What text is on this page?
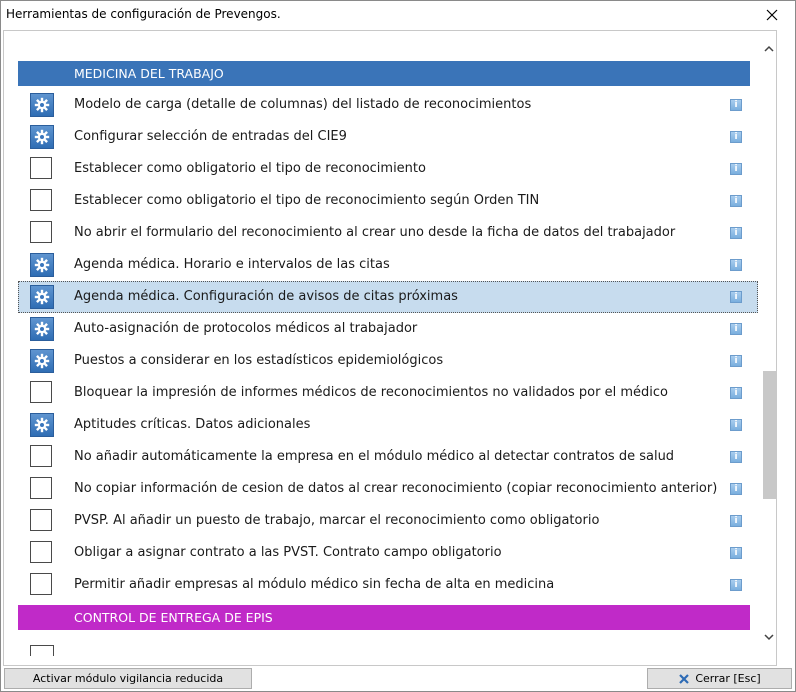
Herramientas de configuración de Prevengos.
MEDICINA DEL TRABAJO
Modelo de carga (detalle de columnas) del listado de reconocimientos	i
Configurar selección de entradas del CIE9	i
Establecer como obligatorio el tipo de reconocimiento	i
Establecer como obligatorio el tipo de reconocimiento según Orden TIN	i
No abrir el formulario del reconocimiento al crear uno desde la ficha de datos del trabajador	i
Agenda médica. Horario e intervalos de las citas	i
Agenda médica. Configuración de avisos de citas próximas	i
Auto-asignación de protocolos médicos al trabajador	i
Puestos a considerar en los estadísticos epidemiológicos	i
Bloquear la impresión de informes médicos de reconocimientos no validados por el médico	i
Aptitudes críticas. Datos adicionales	i
No añadir automáticamente la empresa en el módulo médico al detectar contratos de salud	i
No copiar información de cesion de datos al crear reconocimiento (copiar reconocimiento anterior)	i
PVSP. Al añadir un puesto de trabajo, marcar el reconocimiento como obligatorio	i
Obligar a asignar contrato a las PVST. Contrato campo obligatorio	i
Permitir añadir empresas al módulo médico sin fecha de alta en medicina	i
CONTROL DE ENTREGA DE EPIS
Activar módulo vigilancia reducida	Cerrar [Esc]
